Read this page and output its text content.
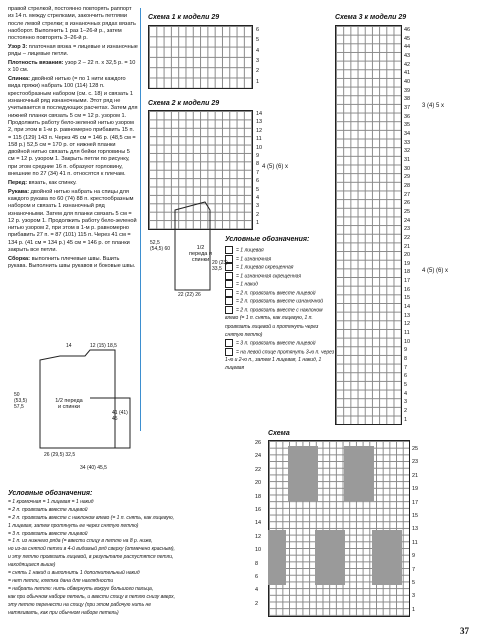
правой стрелкой, постоянно повторять раппорт из 14 п. между стрелками, закончить петлями после левой стрелки; в изнаночных рядах вязать наоборот. Выполнить 1 раз 1–26-й р., затем постоянно повторять 3–26-й р.

Узор 3: платочная вязка = лицевые и изнаночные ряды – лицевые петли.

Плотность вязания: узор 2 – 22 п. х 32,5 р. = 10 х 10 см.

Спинка: двойной нитью (= по 1 нити каждого вида пряжи) набрать 100 (114) 128 п. крестообразным набором (см. с. 18) и связать 1 изнаночный ряд изнаночными. Этот ряд не учитывается в последующих расчетах. Затем для нижней планки связать 5 см = 12 р. узором 1. Продолжить работу бело-зеленой нитью узором 2, при этом в 1-м р. равномерно прибавить 15 п. = 115 (129) 143 п. Через 45 см = 146 р. (48,5 см = 158 р.) 52,5 см = 170 р. от нижней планки двойной нитью связать для бейки горловины 5 см = 12 р. узором 1. Закрыть петли по рисунку, при этом средние 16 п. образуют горловину, внешние по 27 (34) 41 п. относятся к плечам.

Перед: вязать, как спинку.

Рукава: двойной нитью набрать на спицы для каждого рукава по 60 (74) 88 п. крестообразным набором и связать 1 изнаночный ряд изнаночными. Затем для планки связать 5 см = 12 р. узором 1. Продолжить работу бело-зеленой нитью узором 2, при этом в 1-м р. равномерно прибавить 27 п. = 87 (101) 115 п. Через 41 см = 134 р. (41 см = 134 р.) 45 см = 146 р. от планки закрыть все петли.

Сборка: выполнить плечевые швы. Вшить рукава. Выполнить швы рукавов и боковые швы.

Схема 1 к модели 29
6
5
4
3
2
1
Схема 2 к модели 29
14
13
12
11
10
9
8
7
6
5
4
3
2
1
4 (5) (6) х
Схема 3 к модели 29
46
45
44
43
42
41
40
39
38
37
36
35
34
33
32
31
30
29
28
27
26
25
24
23
22
21
20
19
18
17
16
15
14
13
12
11
10
9
8
7
6
5
4
3
2
1
3 (4) 5 х
4 (5) (6) х
1/2 переда и спинки
52,5 (54,5) 60
20 (23) 33,5
22 (22) 26
Условные обозначения:
= 1 лицевая
= 1 изнаночная
= 1 лицевая скрещенная
= 1 изнаночная скрещенная
= 1 накид
= 2 п. провязать вместе лицевой
= 2 п. провязать вместе изнаночной
= 2 п. провязать вместе с наклоном влево (= 1 п. снять, как лицевую, 1 п. провязать лицевой и протянуть через снятую петлю)
= 3 п. провязать вместе лицевой
= на левой спице протянуть 3-ю п. через 1-ю и 2-ю п., затем 1 лицевая, 1 накид, 1 лицевая
1/2 переда и спинки
50 (53,5) 57,5
41 (41) 45
14	12 (15) 18,5
26 (29,5) 32,5
34 (40) 45,5
Схема
26
24
22
20
18
16
14
12
10
8
6
4
2
25
23
21
19
17
15
13
11
9
7
5
3
1
Условные обозначения:
= 1 кромочная = 1 лицевая = 1 накид
= 2 п. провязать вместе лицевой
= 2 п. провязать вместе с наклоном влево (= 1 п. снять, как лицевую,
1 лицевая, затем протянуть ее через снятую петлю)
= 3 п. провязать вместе лицевой
= 1 п. из нижнего ряда (= ввести спицу в петлю на 8 р. ниже,
но из-за снятой петли в 4-й видимый ряд сверху (отмечено красным),
и эту петлю провязать лицевой, в результате распустятся петли,
находящиеся выше)
= снять 1 накид и выполнить 1 дополнительный накид
= нет петли, клетка дана для наглядности
= набрать петлю: нить обвернуть вокруг большого пальца,
как при обычном наборе петель, и ввести спицу в петлю снизу вверх,
эту петлю перенести на спицу (при этом рабочую нить не
натягивать, как при обычном наборе петель)
37
